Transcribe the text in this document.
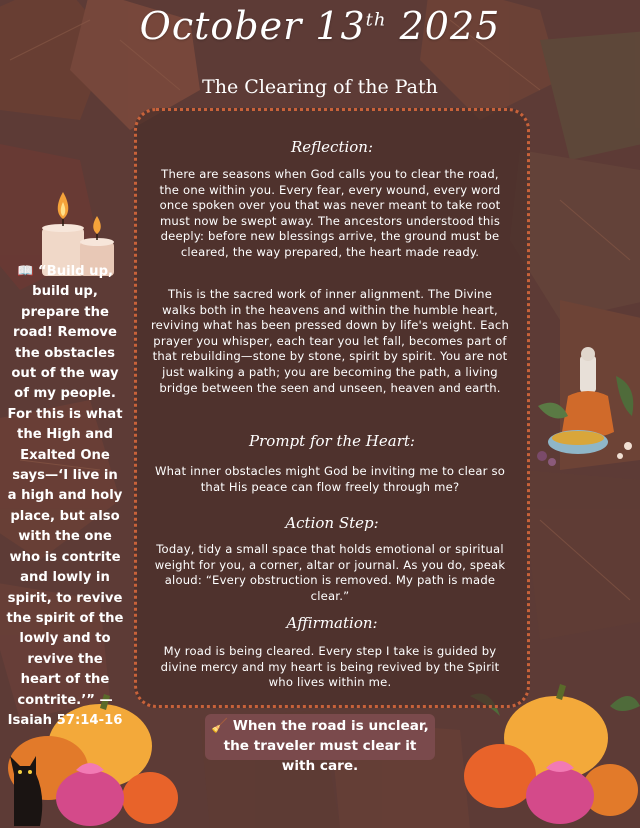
October 13th 2025
The Clearing of the Path
Reflection:
There are seasons when God calls you to clear the road, the one within you. Every fear, every wound, every word once spoken over you that was never meant to take root must now be swept away. The ancestors understood this deeply: before new blessings arrive, the ground must be cleared, the way prepared, the heart made ready.
This is the sacred work of inner alignment. The Divine walks both in the heavens and within the humble heart, reviving what has been pressed down by life's weight. Each prayer you whisper, each tear you let fall, becomes part of that rebuilding—stone by stone, spirit by spirit. You are not just walking a path; you are becoming the path, a living bridge between the seen and unseen, heaven and earth.
Prompt for the Heart:
What inner obstacles might God be inviting me to clear so that His peace can flow freely through me?
Action Step:
Today, tidy a small space that holds emotional or spiritual weight for you, a corner, altar or journal. As you do, speak aloud: “Every obstruction is removed. My path is made clear.”
Affirmation:
My road is being cleared. Every step I take is guided by divine mercy and my heart is being revived by the Spirit who lives within me.
📖 “Build up, build up, prepare the road! Remove the obstacles out of the way of my people. For this is what the High and Exalted One says—‘I live in a high and holy place, but also with the one who is contrite and lowly in spirit, to revive the spirit of the lowly and to revive the heart of the contrite.’” — Isaiah 57:14-16	🧹 When the road is unclear, the traveler must clear it with care.
